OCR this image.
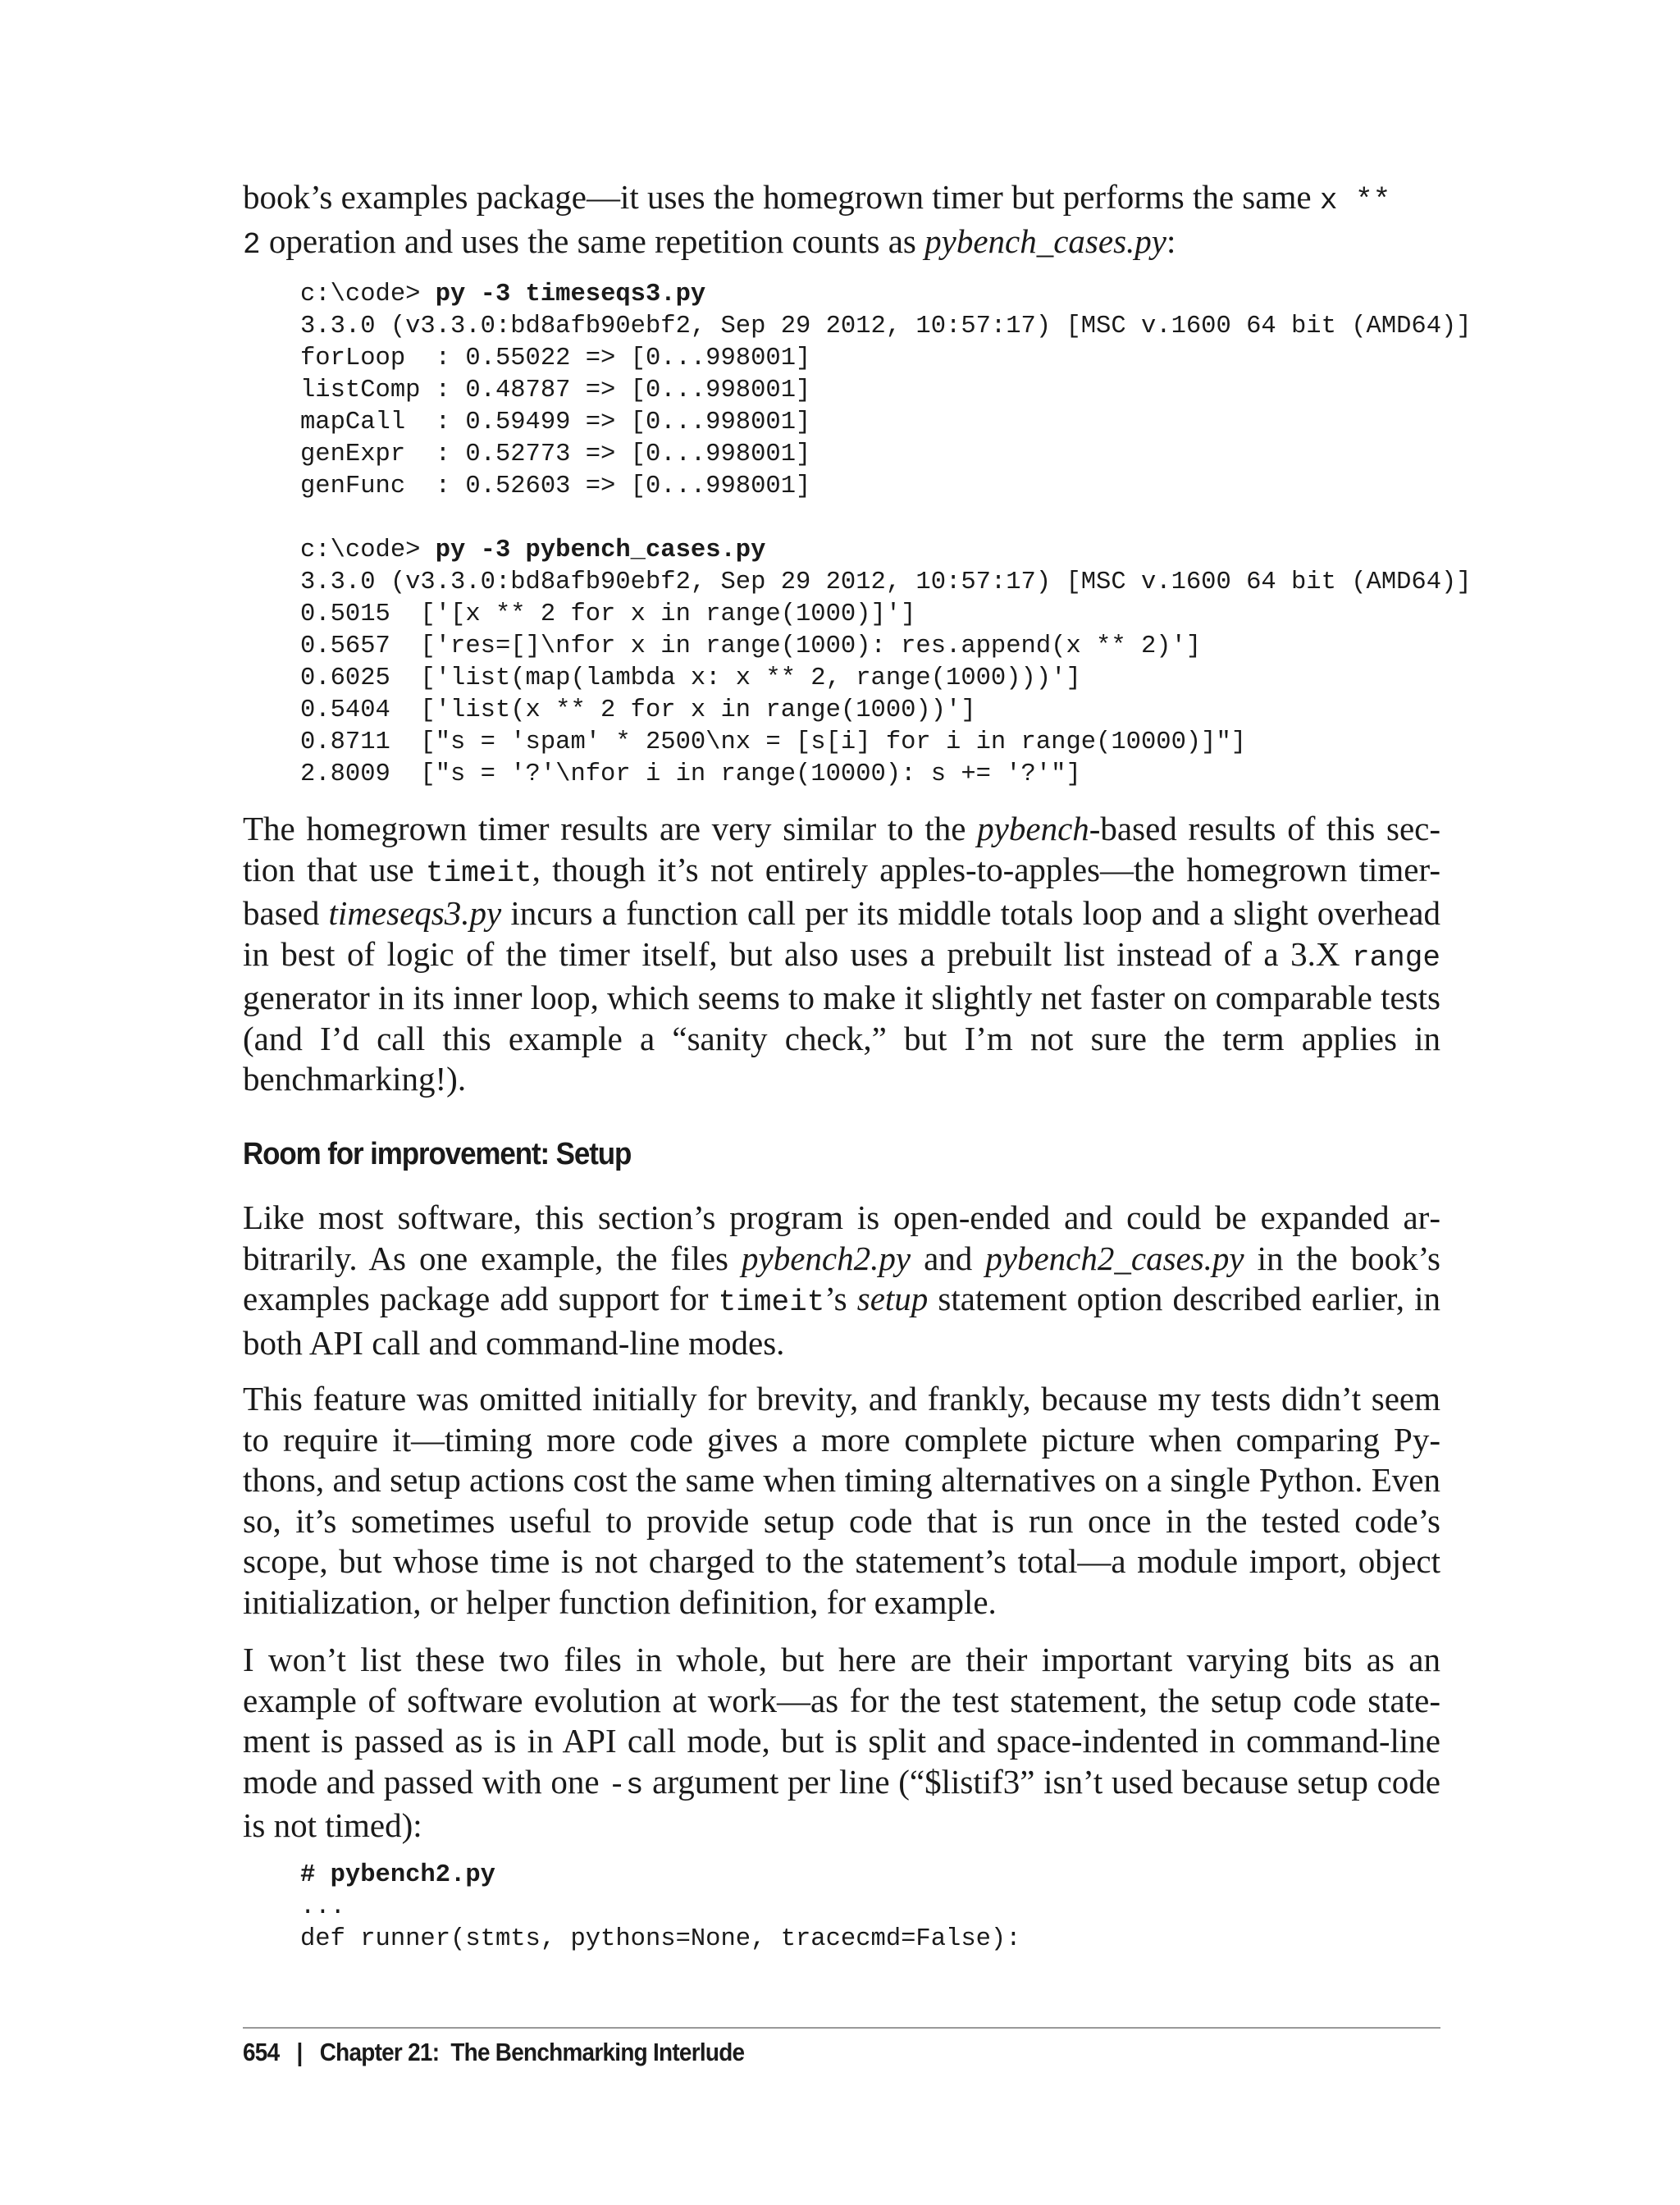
book’s examples package—it uses the homegrown timer but performs the same x **
2 operation and uses the same repetition counts as pybench_cases.py:

c:\code> py -3 timeseqs3.py
3.3.0 (v3.3.0:bd8afb90ebf2, Sep 29 2012, 10:57:17) [MSC v.1600 64 bit (AMD64)]
forLoop  : 0.55022 => [0...998001]
listComp : 0.48787 => [0...998001]
mapCall  : 0.59499 => [0...998001]
genExpr  : 0.52773 => [0...998001]
genFunc  : 0.52603 => [0...998001]

c:\code> py -3 pybench_cases.py
3.3.0 (v3.3.0:bd8afb90ebf2, Sep 29 2012, 10:57:17) [MSC v.1600 64 bit (AMD64)]
0.5015  ['[x ** 2 for x in range(1000)]']
0.5657  ['res=[]\nfor x in range(1000): res.append(x ** 2)']
0.6025  ['list(map(lambda x: x ** 2, range(1000)))']
0.5404  ['list(x ** 2 for x in range(1000))']
0.8711  ["s = 'spam' * 2500\nx = [s[i] for i in range(10000)]"]
2.8009  ["s = '?'\nfor i in range(10000): s += '?'"]

The homegrown timer results are very similar to the pybench-based results of this section that use timeit, though it’s not entirely apples-to-apples—the homegrown timer-based timeseqs3.py incurs a function call per its middle totals loop and a slight overhead in best of logic of the timer itself, but also uses a prebuilt list instead of a 3.X range generator in its inner loop, which seems to make it slightly net faster on comparable tests (and I’d call this example a “sanity check,” but I’m not sure the term applies in benchmarking!).

Room for improvement: Setup

Like most software, this section’s program is open-ended and could be expanded arbitrarily. As one example, the files pybench2.py and pybench2_cases.py in the book’s examples package add support for timeit’s setup statement option described earlier, in both API call and command-line modes.

This feature was omitted initially for brevity, and frankly, because my tests didn’t seem to require it—timing more code gives a more complete picture when comparing Pythons, and setup actions cost the same when timing alternatives on a single Python. Even so, it’s sometimes useful to provide setup code that is run once in the tested code’s scope, but whose time is not charged to the statement’s total—a module import, object initialization, or helper function definition, for example.

I won’t list these two files in whole, but here are their important varying bits as an example of software evolution at work—as for the test statement, the setup code statement is passed as is in API call mode, but is split and space-indented in command-line mode and passed with one -s argument per line (“$listif3” isn’t used because setup code is not timed):

# pybench2.py
...
def runner(stmts, pythons=None, tracecmd=False):
654 | Chapter 21:  The Benchmarking Interlude
